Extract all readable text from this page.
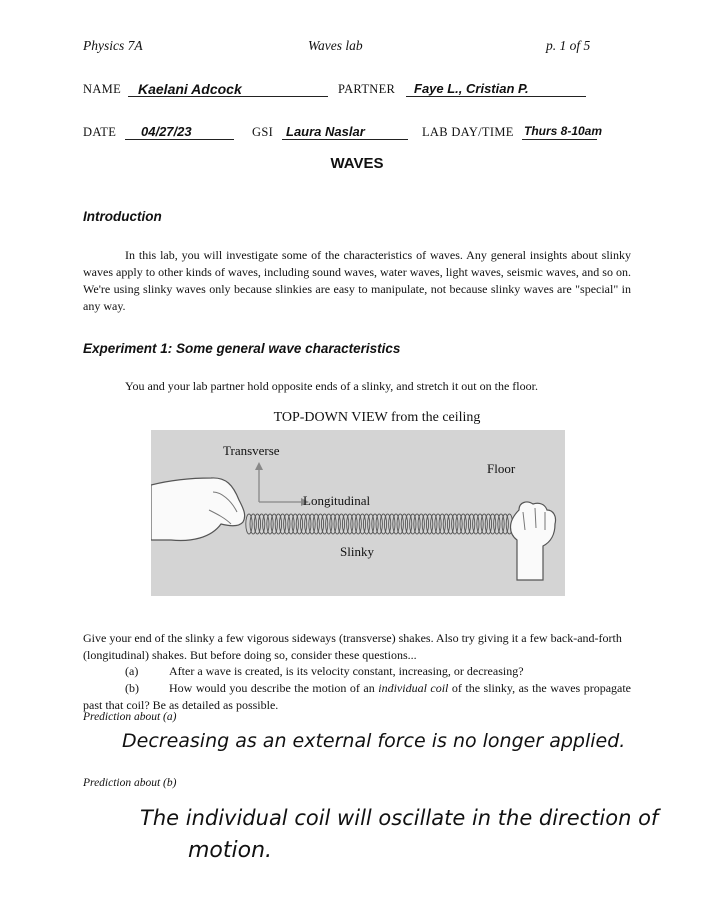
Physics 7A	Waves lab	p. 1 of 5
NAME Kaelani Adcock	PARTNER Faye L., Cristian P.
DATE 04/27/23	GSI Laura Naslar	LAB DAY/TIME Thurs 8-10am
WAVES
Introduction
In this lab, you will investigate some of the characteristics of waves. Any general insights about slinky waves apply to other kinds of waves, including sound waves, water waves, light waves, seismic waves, and so on. We're using slinky waves only because slinkies are easy to manipulate, not because slinky waves are "special" in any way.
Experiment 1: Some general wave characteristics
You and your lab partner hold opposite ends of a slinky, and stretch it out on the floor.
TOP-DOWN VIEW from the ceiling
Transverse
Floor
Longitudinal
Slinky
Give your end of the slinky a few vigorous sideways (transverse) shakes. Also try giving it a few back-and-forth (longitudinal) shakes. But before doing so, consider these questions...
(a)	After a wave is created, is its velocity constant, increasing, or decreasing?
(b)	How would you describe the motion of an individual coil of the slinky, as the waves propagate past that coil? Be as detailed as possible.
Prediction about (a)
Decreasing as an external force is no longer applied.
Prediction about (b)
The individual coil will oscillate in the direction of
motion.
